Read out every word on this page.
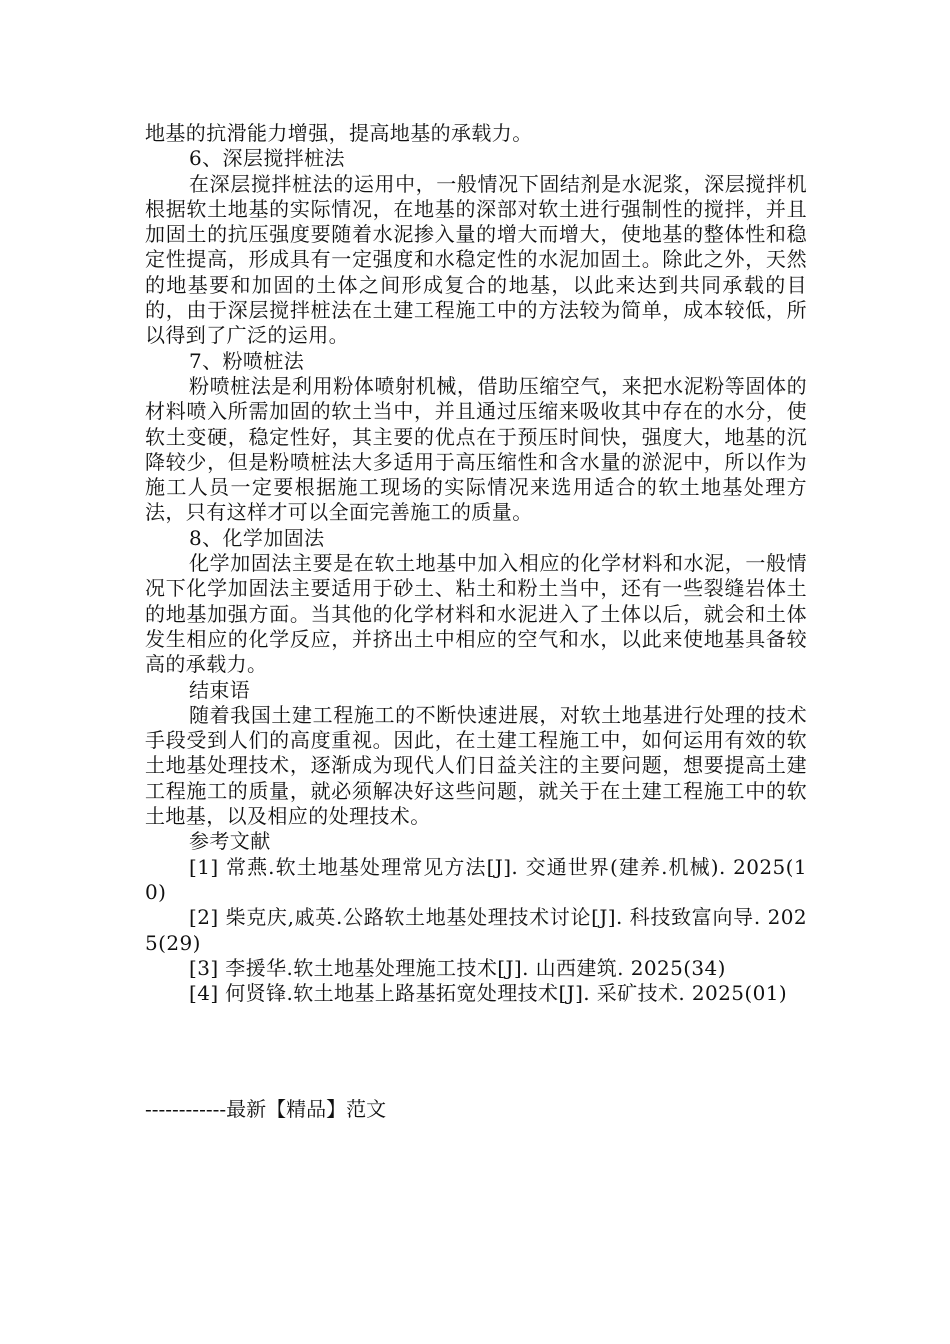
地基的抗滑能力增强，提高地基的承载力。

6、深层搅拌桩法

在深层搅拌桩法的运用中，一般情况下固结剂是水泥浆，深层搅拌机根据软土地基的实际情况，在地基的深部对软土进行强制性的搅拌，并且加固土的抗压强度要随着水泥掺入量的增大而增大，使地基的整体性和稳定性提高，形成具有一定强度和水稳定性的水泥加固土。除此之外，天然的地基要和加固的土体之间形成复合的地基，以此来达到共同承载的目的，由于深层搅拌桩法在土建工程施工中的方法较为简单，成本较低，所以得到了广泛的运用。

7、粉喷桩法

粉喷桩法是利用粉体喷射机械，借助压缩空气，来把水泥粉等固体的材料喷入所需加固的软土当中，并且通过压缩来吸收其中存在的水分，使软土变硬，稳定性好，其主要的优点在于预压时间快，强度大，地基的沉降较少，但是粉喷桩法大多适用于高压缩性和含水量的淤泥中，所以作为施工人员一定要根据施工现场的实际情况来选用适合的软土地基处理方法，只有这样才可以全面完善施工的质量。

8、化学加固法

化学加固法主要是在软土地基中加入相应的化学材料和水泥，一般情况下化学加固法主要适用于砂土、粘土和粉土当中，还有一些裂缝岩体土的地基加强方面。当其他的化学材料和水泥进入了土体以后，就会和土体发生相应的化学反应，并挤出土中相应的空气和水，以此来使地基具备较高的承载力。

结束语

随着我国土建工程施工的不断快速进展，对软土地基进行处理的技术手段受到人们的高度重视。因此，在土建工程施工中，如何运用有效的软土地基处理技术，逐渐成为现代人们日益关注的主要问题，想要提高土建工程施工的质量，就必须解决好这些问题，就关于在土建工程施工中的软土地基，以及相应的处理技术。

参考文献

[1] 常燕.软土地基处理常见方法[J]. 交通世界(建养.机械). 2025(10)

[2] 柴克庆,戚英.公路软土地基处理技术讨论[J]. 科技致富向导. 2025(29)

[3] 李援华.软土地基处理施工技术[J]. 山西建筑. 2025(34)

[4] 何贤锋.软土地基上路基拓宽处理技术[J]. 采矿技术. 2025(01)

------------最新【精品】范文
